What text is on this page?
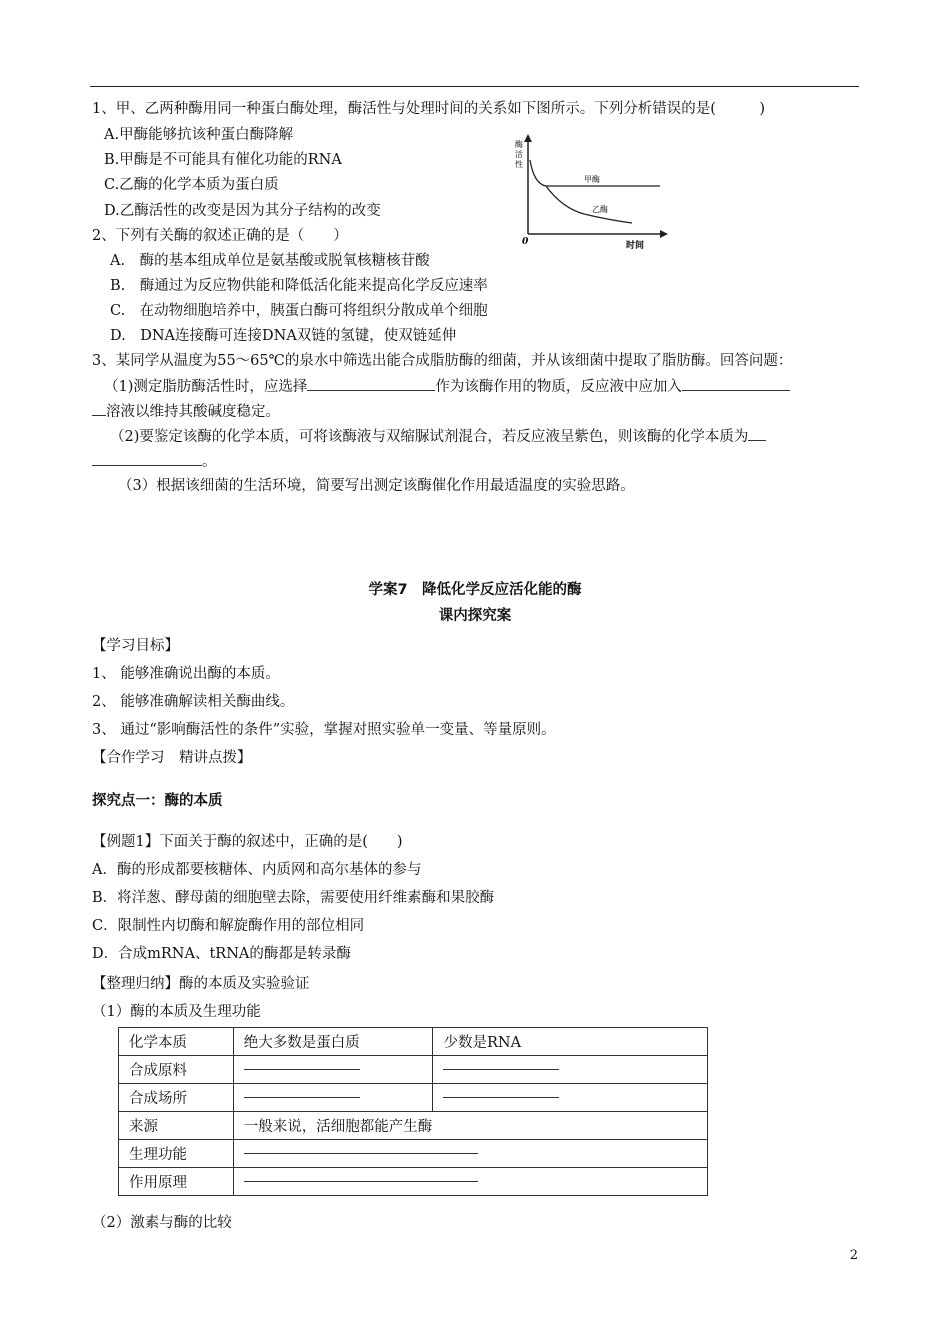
1、甲、乙两种酶用同一种蛋白酶处理，酶活性与处理时间的关系如下图所示。下列分析错误的是(　　　)
A.甲酶能够抗该种蛋白酶降解
B.甲酶是不可能具有催化功能的RNA
C.乙酶的化学本质为蛋白质
D.乙酶活性的改变是因为其分子结构的改变
酶
活
性
0	时间
甲酶
乙酶
2、下列有关酶的叙述正确的是（　　）
A.　酶的基本组成单位是氨基酸或脱氧核糖核苷酸
B.　酶通过为反应物供能和降低活化能来提高化学反应速率
C.　在动物细胞培养中，胰蛋白酶可将组织分散成单个细胞
D.　DNA连接酶可连接DNA双链的氢键，使双链延伸
3、某同学从温度为55～65℃的泉水中筛选出能合成脂肪酶的细菌，并从该细菌中提取了脂肪酶。回答问题：
（1)测定脂肪酶活性时，应选择	作为该酶作用的物质，反应液中应加入
溶液以维持其酸碱度稳定。
（2)要鉴定该酶的化学本质，可将该酶液与双缩脲试剂混合，若反应液呈紫色，则该酶的化学本质为
。
（3）根据该细菌的生活环境，简要写出测定该酶催化作用最适温度的实验思路。
学案7　降低化学反应活化能的酶
课内探究案
【学习目标】
1、 能够准确说出酶的本质。
2、 能够准确解读相关酶曲线。
3、 通过“影响酶活性的条件”实验，掌握对照实验单一变量、等量原则。
【合作学习　精讲点拨】
探究点一：酶的本质
【例题1】下面关于酶的叙述中，正确的是(　　)
A．酶的形成都要核糖体、内质网和高尔基体的参与
B．将洋葱、酵母菌的细胞壁去除，需要使用纤维素酶和果胶酶
C．限制性内切酶和解旋酶作用的部位相同
D．合成mRNA、tRNA的酶都是转录酶
【整理归纳】酶的本质及实验验证
（1）酶的本质及生理功能
化学本质	绝大多数是蛋白质	少数是RNA
合成原料		
合成场所		
来源	一般来说，活细胞都能产生酶	
生理功能		
作用原理		
（2）激素与酶的比较
2
